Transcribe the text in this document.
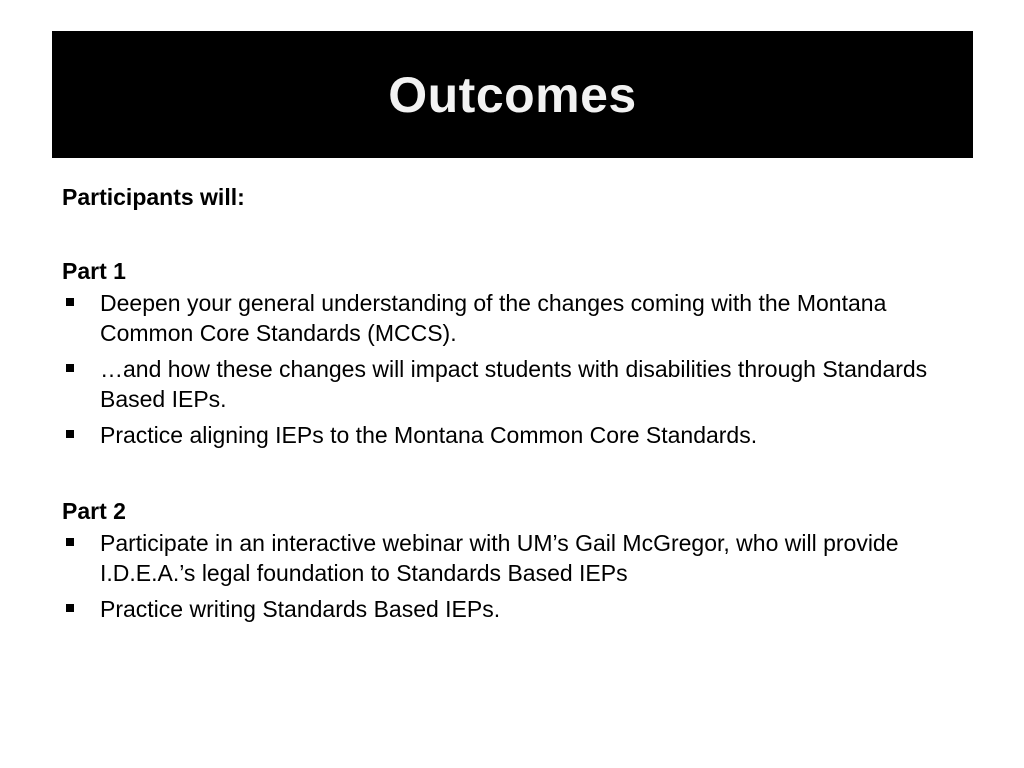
Outcomes

Participants will:

Part 1

Deepen your general understanding of the changes coming with the Montana Common Core Standards (MCCS).
…and how these changes will impact students with disabilities through Standards Based IEPs.
Practice aligning IEPs to the Montana Common Core Standards.

Part 2

Participate in an interactive webinar with UM’s Gail McGregor, who will provide I.D.E.A.’s legal foundation to Standards Based IEPs
Practice writing Standards Based IEPs.
